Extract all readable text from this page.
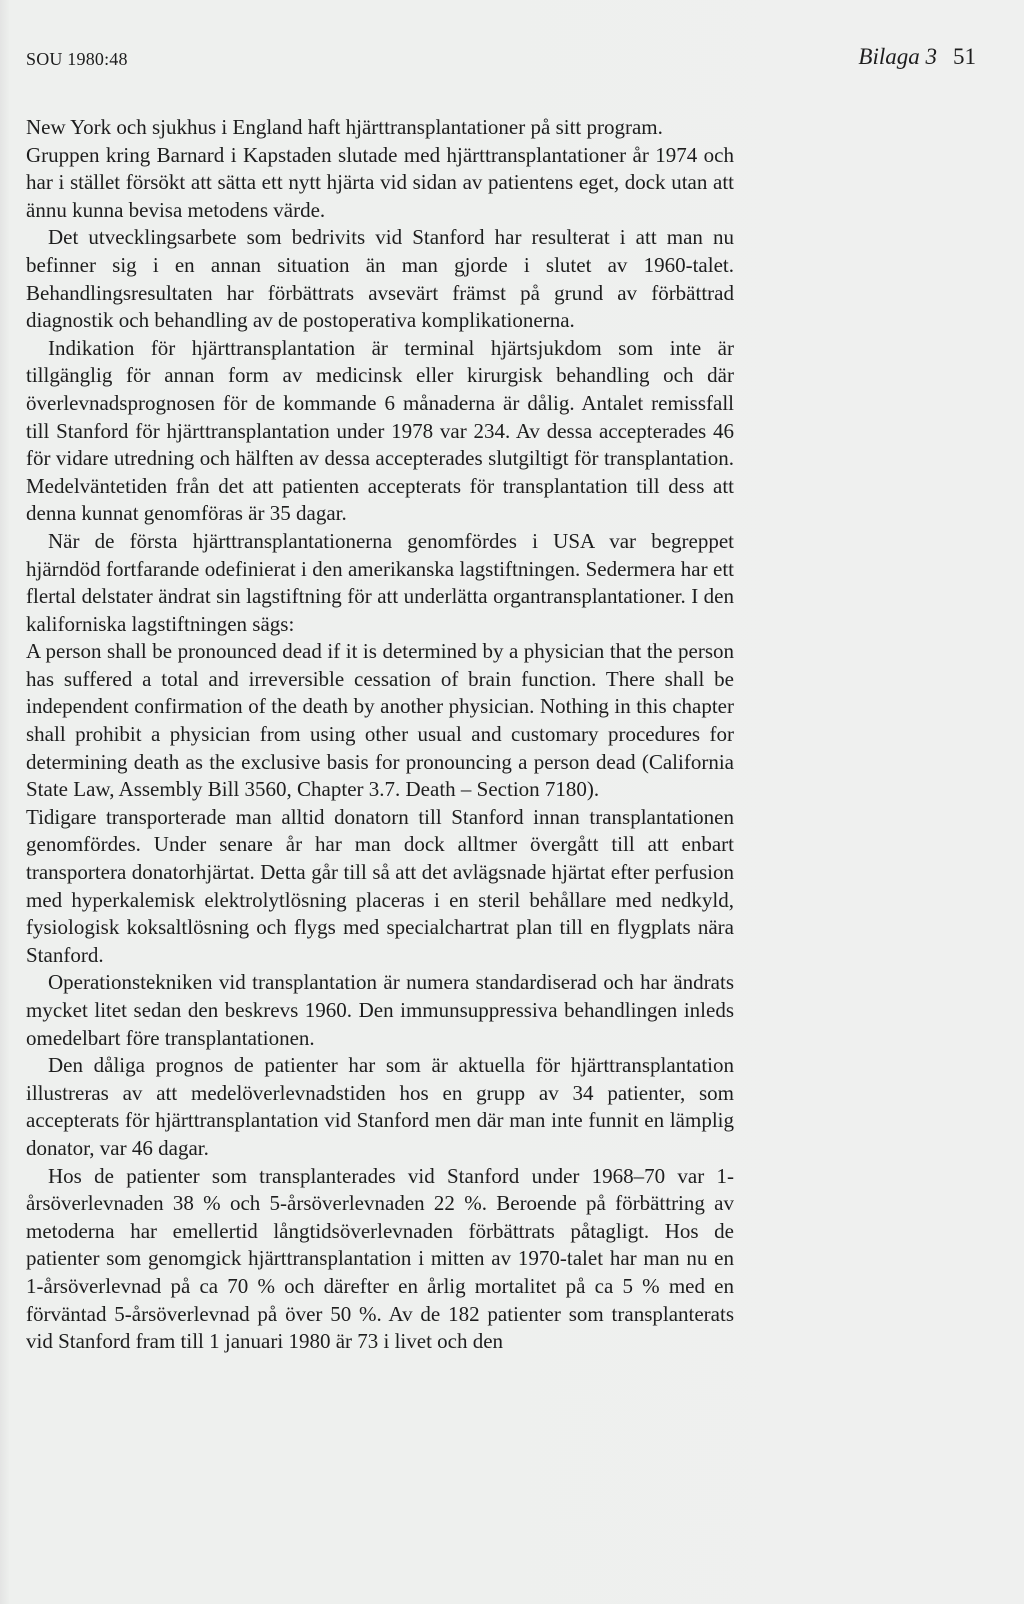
SOU 1980:48	Bilaga 3 51

New York och sjukhus i England haft hjärttransplantationer på sitt program.

Gruppen kring Barnard i Kapstaden slutade med hjärttransplantationer år 1974 och har i stället försökt att sätta ett nytt hjärta vid sidan av patientens eget, dock utan att ännu kunna bevisa metodens värde.

Det utvecklingsarbete som bedrivits vid Stanford har resulterat i att man nu befinner sig i en annan situation än man gjorde i slutet av 1960-talet. Behandlingsresultaten har förbättrats avsevärt främst på grund av förbättrad diagnostik och behandling av de postoperativa komplikationerna.

Indikation för hjärttransplantation är terminal hjärtsjukdom som inte är tillgänglig för annan form av medicinsk eller kirurgisk behandling och där överlevnadsprognosen för de kommande 6 månaderna är dålig. Antalet remissfall till Stanford för hjärttransplantation under 1978 var 234. Av dessa accepterades 46 för vidare utredning och hälften av dessa accepterades slutgiltigt för transplantation. Medelväntetiden från det att patienten accepterats för transplantation till dess att denna kunnat genomföras är 35 dagar.

När de första hjärttransplantationerna genomfördes i USA var begreppet hjärndöd fortfarande odefinierat i den amerikanska lagstiftningen. Sedermera har ett flertal delstater ändrat sin lagstiftning för att underlätta organtransplantationer. I den kaliforniska lagstiftningen sägs:

A person shall be pronounced dead if it is determined by a physician that the person has suffered a total and irreversible cessation of brain function. There shall be independent confirmation of the death by another physician. Nothing in this chapter shall prohibit a physician from using other usual and customary procedures for determining death as the exclusive basis for pronouncing a person dead (California State Law, Assembly Bill 3560, Chapter 3.7. Death – Section 7180).

Tidigare transporterade man alltid donatorn till Stanford innan transplantationen genomfördes. Under senare år har man dock alltmer övergått till att enbart transportera donatorhjärtat. Detta går till så att det avlägsnade hjärtat efter perfusion med hyperkalemisk elektrolytlösning placeras i en steril behållare med nedkyld, fysiologisk koksaltlösning och flygs med specialchartrat plan till en flygplats nära Stanford.

Operationstekniken vid transplantation är numera standardiserad och har ändrats mycket litet sedan den beskrevs 1960. Den immunsuppressiva behandlingen inleds omedelbart före transplantationen.

Den dåliga prognos de patienter har som är aktuella för hjärttransplantation illustreras av att medelöverlevnadstiden hos en grupp av 34 patienter, som accepterats för hjärttransplantation vid Stanford men där man inte funnit en lämplig donator, var 46 dagar.

Hos de patienter som transplanterades vid Stanford under 1968–70 var 1-årsöverlevnaden 38 % och 5-årsöverlevnaden 22 %. Beroende på förbättring av metoderna har emellertid långtidsöverlevnaden förbättrats påtagligt. Hos de patienter som genomgick hjärttransplantation i mitten av 1970-talet har man nu en 1-årsöverlevnad på ca 70 % och därefter en årlig mortalitet på ca 5 % med en förväntad 5-årsöverlevnad på över 50 %. Av de 182 patienter som transplanterats vid Stanford fram till 1 januari 1980 är 73 i livet och den
